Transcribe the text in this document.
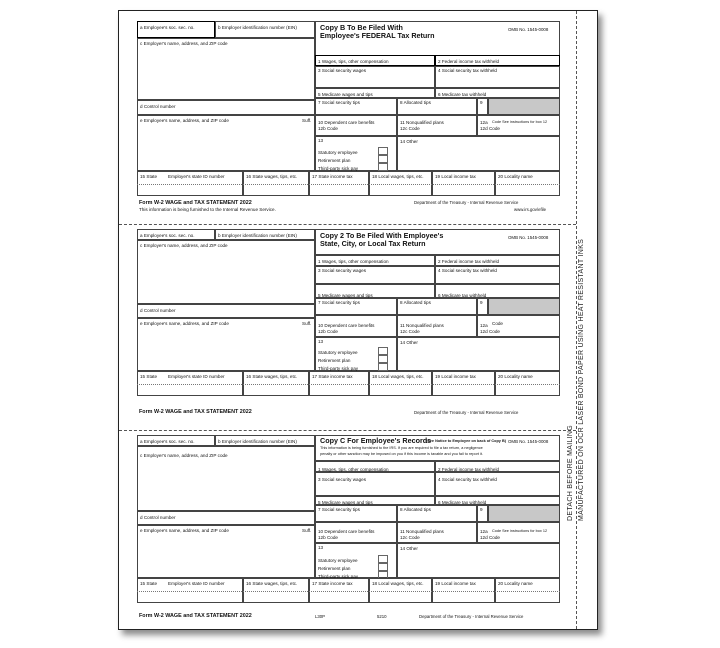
DETACH BEFORE MAILING MANUFACTURED ON OCR LASER BOND PAPER USING HEAT RESISTANT INKS
a Employee's soc. sec. no.	b Employer identification number (EIN)
c Employer's name, address, and ZIP code
d Control number
e Employee's name, address, and ZIP code	Suff.
Copy B To Be Filed With
Employee's FEDERAL Tax Return
OMB No. 1545-0008
1 Wages, tips, other compensation	2 Federal income tax withheld
3 Social security wages	4 Social security tax withheld
5 Medicare wages and tips	6 Medicare tax withheld
7 Social security tips	8 Allocated tips	9
10 Dependent care benefits
12b Code
11 Nonqualified plans
12c Code
12a Code See instructions for box 12
12d Code
13
Statutory employee
Retirement plan
Third-party sick pay
14 Other
15 State Employer's state ID number	16 State wages, tips, etc.	17 State income tax	18 Local wages, tips, etc. 19 Local income tax	20 Locality name
Form W-2 WAGE and TAX STATEMENT 2022
This information is being furnished to the Internal Revenue Service.
Department of the Treasury - Internal Revenue Service
www.irs.gov/efile
a Employee's soc. sec. no.	b Employer identification number (EIN)
c Employer's name, address, and ZIP code
d Control number
e Employee's name, address, and ZIP code	Suff.
Copy 2 To Be Filed With Employee's
State, City, or Local Tax Return
OMB No. 1545-0008
1 Wages, tips, other compensation	2 Federal income tax withheld
3 Social security wages	4 Social security tax withheld
5 Medicare wages and tips	6 Medicare tax withheld
7 Social security tips	8 Allocated tips	9
10 Dependent care benefits
12b Code
11 Nonqualified plans
12c Code
12a Code
12d Code
13
Statutory employee
Retirement plan
Third-party sick pay
14 Other
15 State Employer's state ID number	16 State wages, tips, etc.	17 State income tax	18 Local wages, tips, etc. 19 Local income tax	20 Locality name
Form W-2 WAGE and TAX STATEMENT 2022	Department of the Treasury - Internal Revenue Service
a Employee's soc. sec. no.	b Employer identification number (EIN)
c Employer's name, address, and ZIP code
d Control number
e Employee's name, address, and ZIP code	Suff.
Copy C For Employee's Records
(See Notice to Employee on back of Copy B) OMB No. 1545-0008
This information is being furnished to the IRS. If you are required to file a tax return, a negligence
penalty or other sanction may be imposed on you if this income is taxable and you fail to report it.
1 Wages, tips, other compensation	2 Federal income tax withheld
3 Social security wages	4 Social security tax withheld
5 Medicare wages and tips	6 Medicare tax withheld
7 Social security tips	8 Allocated tips	9
10 Dependent care benefits
12b Code
11 Nonqualified plans
12c Code
12a Code See instructions for box 12
12d Code
13
Statutory employee
Retirement plan
Third-party sick pay
14 Other
15 State Employer's state ID number	16 State wages, tips, etc.	17 State income tax	18 Local wages, tips, etc. 19 Local income tax	20 Locality name
Form W-2 WAGE and TAX STATEMENT 2022	L30P	5210	Department of the Treasury - Internal Revenue Service
